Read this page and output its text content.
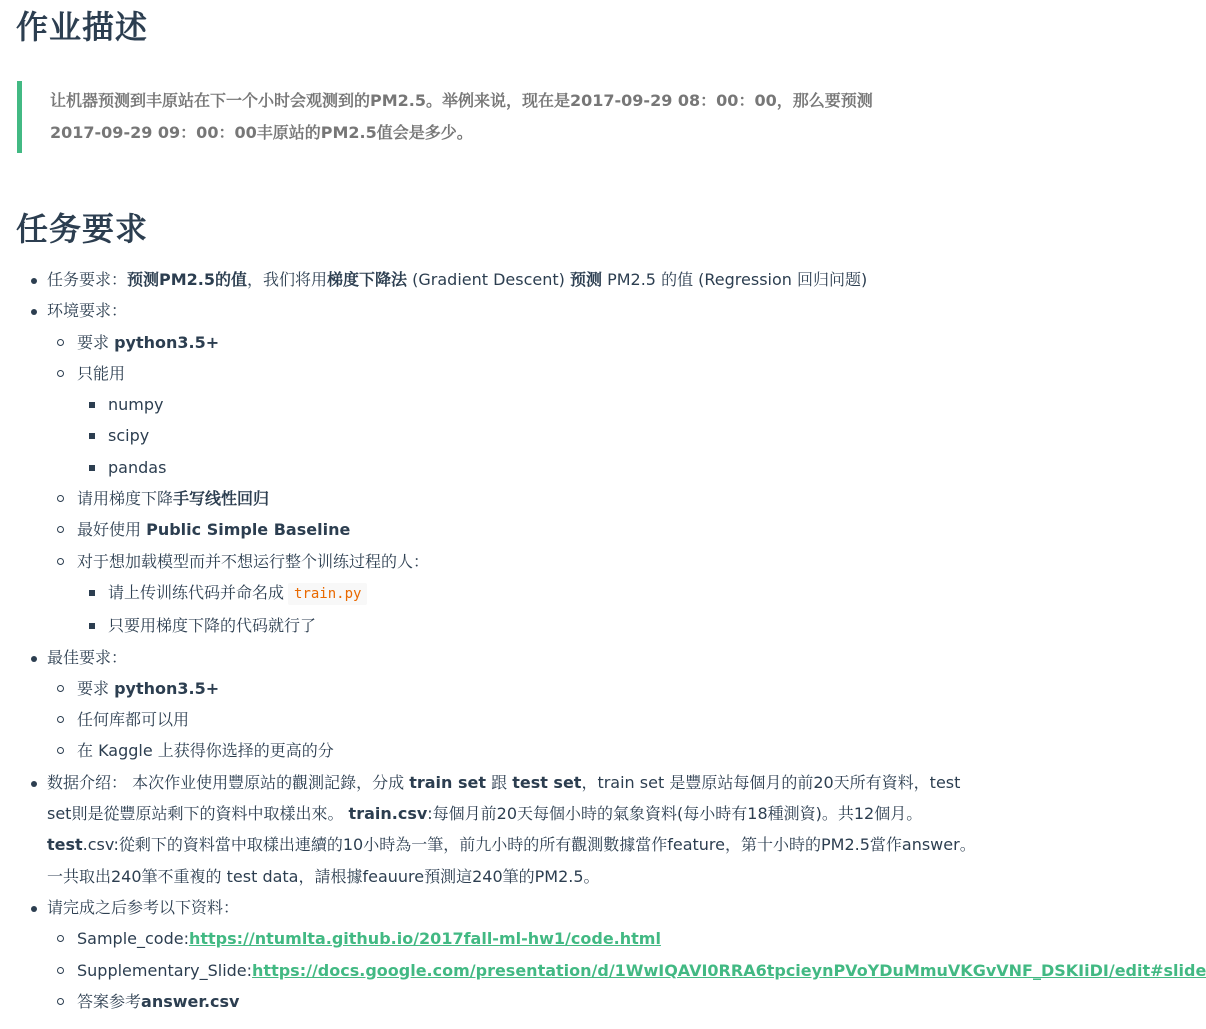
作业描述
让机器预测到丰原站在下一个小时会观测到的PM2.5。举例来说，现在是2017-09-29 08：00：00，那么要预测
2017-09-29 09：00：00丰原站的PM2.5值会是多少。
任务要求
任务要求：预测PM2.5的值，我们将用梯度下降法 (Gradient Descent) 预测 PM2.5 的值 (Regression 回归问题)
环境要求：
要求 python3.5+
只能用
numpy
scipy
pandas
请用梯度下降手写线性回归
最好使用 Public Simple Baseline
对于想加载模型而并不想运行整个训练过程的人：
请上传训练代码并命名成 train.py
只要用梯度下降的代码就行了
最佳要求：
要求 python3.5+
任何库都可以用
在 Kaggle 上获得你选择的更高的分
数据介绍： 本次作业使用豐原站的觀測記錄，分成 train set 跟 test set，train set 是豐原站每個月的前20天所有資料，test set則是從豐原站剩下的資料中取樣出來。 train.csv:每個月前20天每個小時的氣象資料(每小時有18種測資)。共12個月。 test.csv:從剩下的資料當中取樣出連續的10小時為一筆，前九小時的所有觀測數據當作feature，第十小時的PM2.5當作answer。一共取出240筆不重複的 test data，請根據feauure預測這240筆的PM2.5。
请完成之后参考以下资料：
Sample_code:https://ntumlta.github.io/2017fall-ml-hw1/code.html
Supplementary_Slide:https://docs.google.com/presentation/d/1WwIQAVI0RRA6tpcieynPVoYDuMmuVKGvVNF_DSKIiDI/edit#slide
答案参考answer.csv
